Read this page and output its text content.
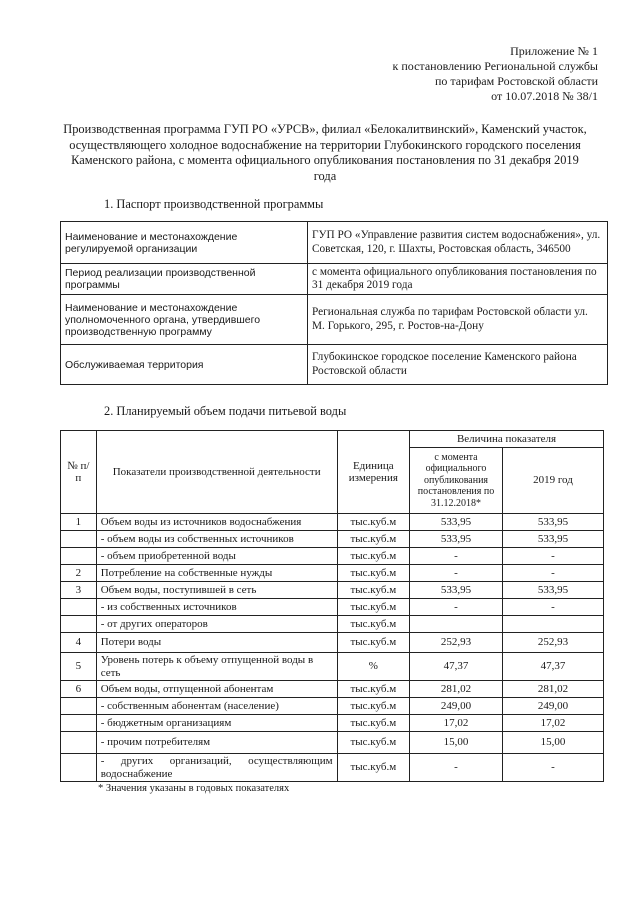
Приложение № 1
к постановлению Региональной службы
по тарифам Ростовской области
от 10.07.2018 № 38/1
Производственная программа ГУП РО «УРСВ», филиал «Белокалитвинский», Каменский участок, осуществляющего холодное водоснабжение на территории Глубокинского городского поселения Каменского района, с момента официального опубликования постановления по 31 декабря 2019 года
1. Паспорт производственной программы
Наименование и местонахождение регулируемой организации	ГУП РО «Управление развития систем водоснабжения», ул. Советская, 120, г. Шахты, Ростовская область, 346500
Период реализации производственной программы	с момента официального опубликования постановления по 31 декабря 2019 года
Наименование и местонахождение уполномоченного органа, утвердившего производственную программу	Региональная служба по тарифам Ростовской области ул. М. Горького, 295, г. Ростов-на-Дону
Обслуживаемая территория	Глубокинское городское поселение Каменского района Ростовской области
2. Планируемый объем подачи питьевой воды
№ п/п	Показатели производственной деятельности	Единица измерения	Величина показателя	
			с момента официального опубликования постановления по 31.12.2018*	2019 год
1	Объем воды из источников водоснабжения	тыс.куб.м	533,95	533,95
	- объем воды из собственных источников	тыс.куб.м	533,95	533,95
	- объем приобретенной воды	тыс.куб.м	-	-
2	Потребление на собственные нужды	тыс.куб.м	-	-
3	Объем воды, поступившей в сеть	тыс.куб.м	533,95	533,95
	- из собственных источников	тыс.куб.м	-	-
	- от других операторов	тыс.куб.м		
4	Потери воды	тыс.куб.м	252,93	252,93
5	Уровень потерь к объему отпущенной воды в сеть	%	47,37	47,37
6	Объем воды, отпущенной абонентам	тыс.куб.м	281,02	281,02
	- собственным абонентам (население)	тыс.куб.м	249,00	249,00
	- бюджетным организациям	тыс.куб.м	17,02	17,02
	- прочим потребителям	тыс.куб.м	15,00	15,00
	- других организаций, осуществляющим водоснабжение	тыс.куб.м	-	-
* Значения указаны в годовых показателях
